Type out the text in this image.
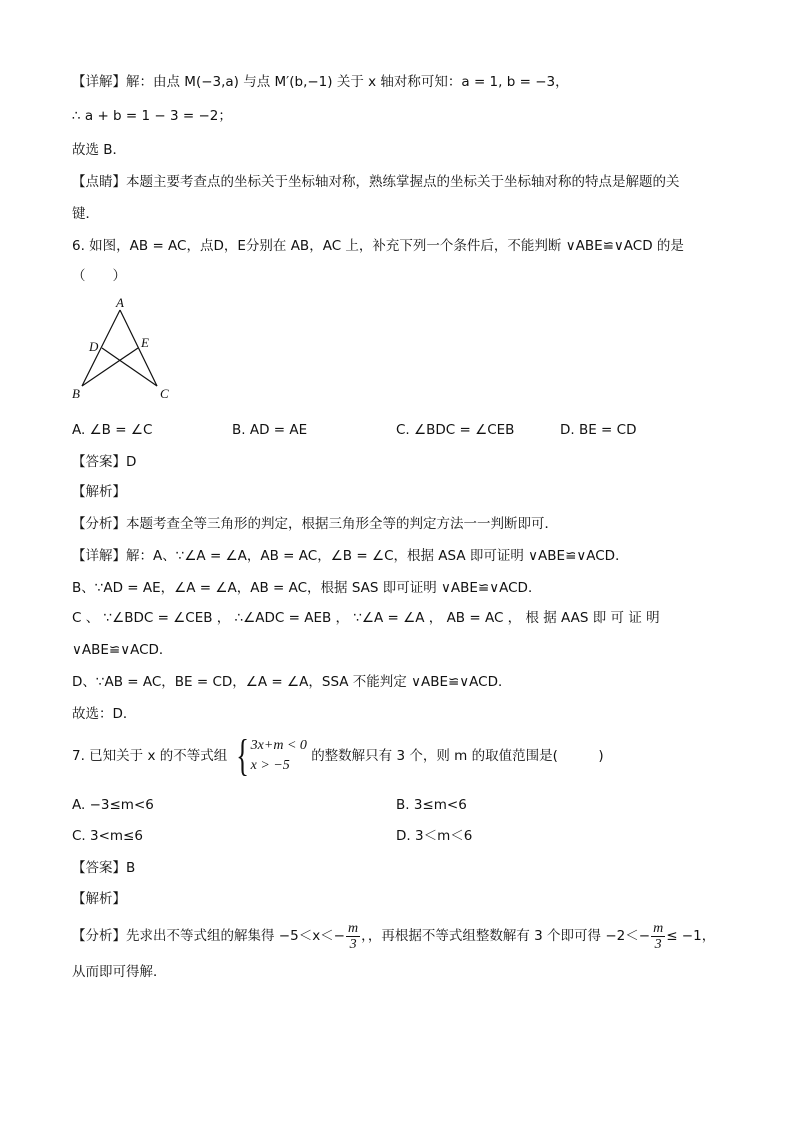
【详解】解：由点 M(−3,a) 与点 M′(b,−1) 关于 x 轴对称可知：a = 1, b = −3，
∴ a + b = 1 − 3 = −2；
故选 B．
【点睛】本题主要考查点的坐标关于坐标轴对称，熟练掌握点的坐标关于坐标轴对称的特点是解题的关
键．
6. 如图，AB = AC，点D，E分别在 AB，AC 上，补充下列一个条件后，不能判断 ∨ABE≌∨ACD 的是
（　　）
A
D	E
B	C
A. ∠B = ∠C	B. AD = AE	C. ∠BDC = ∠CEB	D. BE = CD
【答案】D
【解析】
【分析】本题考查全等三角形的判定，根据三角形全等的判定方法一一判断即可．
【详解】解：A、∵∠A = ∠A，AB = AC，∠B = ∠C，根据 ASA 即可证明 ∨ABE≌∨ACD．
B、∵AD = AE，∠A = ∠A，AB = AC，根据 SAS 即可证明 ∨ABE≌∨ACD．
C 、 ∵∠BDC = ∠CEB ， ∴∠ADC = AEB ， ∵∠A = ∠A ， AB = AC ， 根 据 AAS 即 可 证 明
∨ABE≌∨ACD．
D、∵AB = AC，BE = CD，∠A = ∠A，SSA 不能判定 ∨ABE≌∨ACD．
故选：D．
7. 已知关于 x 的不等式组 { 3x+m < 0
x > −5
的整数解只有 3 个，则 m 的取值范围是(　　　)
A. −3≤m<6	B. 3≤m<6
C. 3<m≤6	D. 3＜m＜6
【答案】B
【解析】
【分析】先求出不等式组的解集得 $-5<x<- \frac{m}{3}$ ，，再根据不等式组整数解有 3 个即可得 $-2<- \frac{m}{3} \le -1$，
从而即可得解．
